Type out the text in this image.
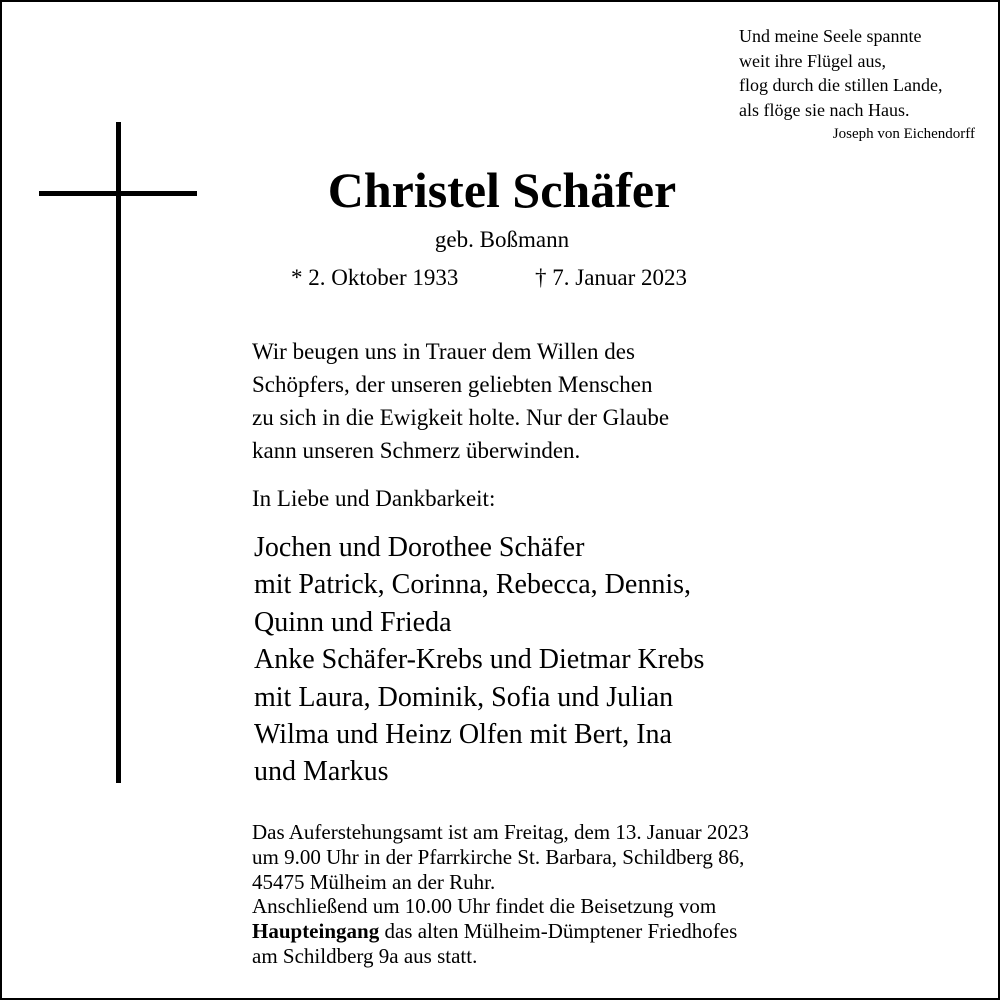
Und meine Seele spannte
weit ihre Flügel aus,
flog durch die stillen Lande,
als flöge sie nach Haus.
Joseph von Eichendorff
Christel Schäfer
geb. Boßmann
* 2. Oktober 1933	† 7. Januar 2023
Wir beugen uns in Trauer dem Willen des
Schöpfers, der unseren geliebten Menschen
zu sich in die Ewigkeit holte. Nur der Glaube
kann unseren Schmerz überwinden.
In Liebe und Dankbarkeit:
Jochen und Dorothee Schäfer
mit Patrick, Corinna, Rebecca, Dennis,
Quinn und Frieda
Anke Schäfer-Krebs und Dietmar Krebs
mit Laura, Dominik, Sofia und Julian
Wilma und Heinz Olfen mit Bert, Ina
und Markus
Das Auferstehungsamt ist am Freitag, dem 13. Januar 2023
um 9.00 Uhr in der Pfarrkirche St. Barbara, Schildberg 86,
45475 Mülheim an der Ruhr.
Anschließend um 10.00 Uhr findet die Beisetzung vom
Haupteingang das alten Mülheim-Dümptener Friedhofes
am Schildberg 9a aus statt.
